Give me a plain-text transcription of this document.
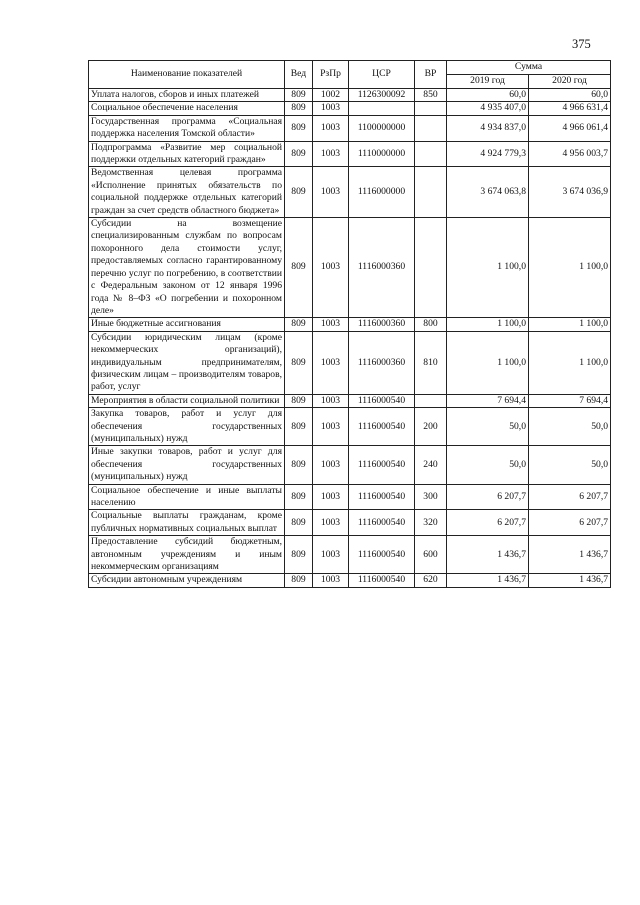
375
Наименование показателей	Вед	РзПр	ЦСР	ВР	Сумма	
					2019 год	2020 год
Уплата налогов, сборов и иных платежей	809	1002	1126300092	850	60,0	60,0
Социальное обеспечение населения	809	1003			4 935 407,0	4 966 631,4
Государственная программа «Социальная поддержка населения Томской области»	809	1003	1100000000		4 934 837,0	4 966 061,4
Подпрограмма «Развитие мер социальной поддержки отдельных категорий граждан»	809	1003	1110000000		4 924 779,3	4 956 003,7
Ведомственная целевая программа «Исполнение принятых обязательств по социальной поддержке отдельных категорий граждан за счет средств областного бюджета»	809	1003	1116000000		3 674 063,8	3 674 036,9
Субсидии на возмещение специализированным службам по вопросам похоронного дела стоимости услуг, предоставляемых согласно гарантированному перечню услуг по погребению, в соответствии с Федеральным законом от 12 января 1996 года № 8–ФЗ «О погребении и похоронном деле»	809	1003	1116000360		1 100,0	1 100,0
Иные бюджетные ассигнования	809	1003	1116000360	800	1 100,0	1 100,0
Субсидии юридическим лицам (кроме некоммерческих организаций), индивидуальным предпринимателям, физическим лицам – производителям товаров, работ, услуг	809	1003	1116000360	810	1 100,0	1 100,0
Мероприятия в области социальной политики	809	1003	1116000540		7 694,4	7 694,4
Закупка товаров, работ и услуг для обеспечения государственных (муниципальных) нужд	809	1003	1116000540	200	50,0	50,0
Иные закупки товаров, работ и услуг для обеспечения государственных (муниципальных) нужд	809	1003	1116000540	240	50,0	50,0
Социальное обеспечение и иные выплаты населению	809	1003	1116000540	300	6 207,7	6 207,7
Социальные выплаты гражданам, кроме публичных нормативных социальных выплат	809	1003	1116000540	320	6 207,7	6 207,7
Предоставление субсидий бюджетным, автономным учреждениям и иным некоммерческим организациям	809	1003	1116000540	600	1 436,7	1 436,7
Субсидии автономным учреждениям	809	1003	1116000540	620	1 436,7	1 436,7
